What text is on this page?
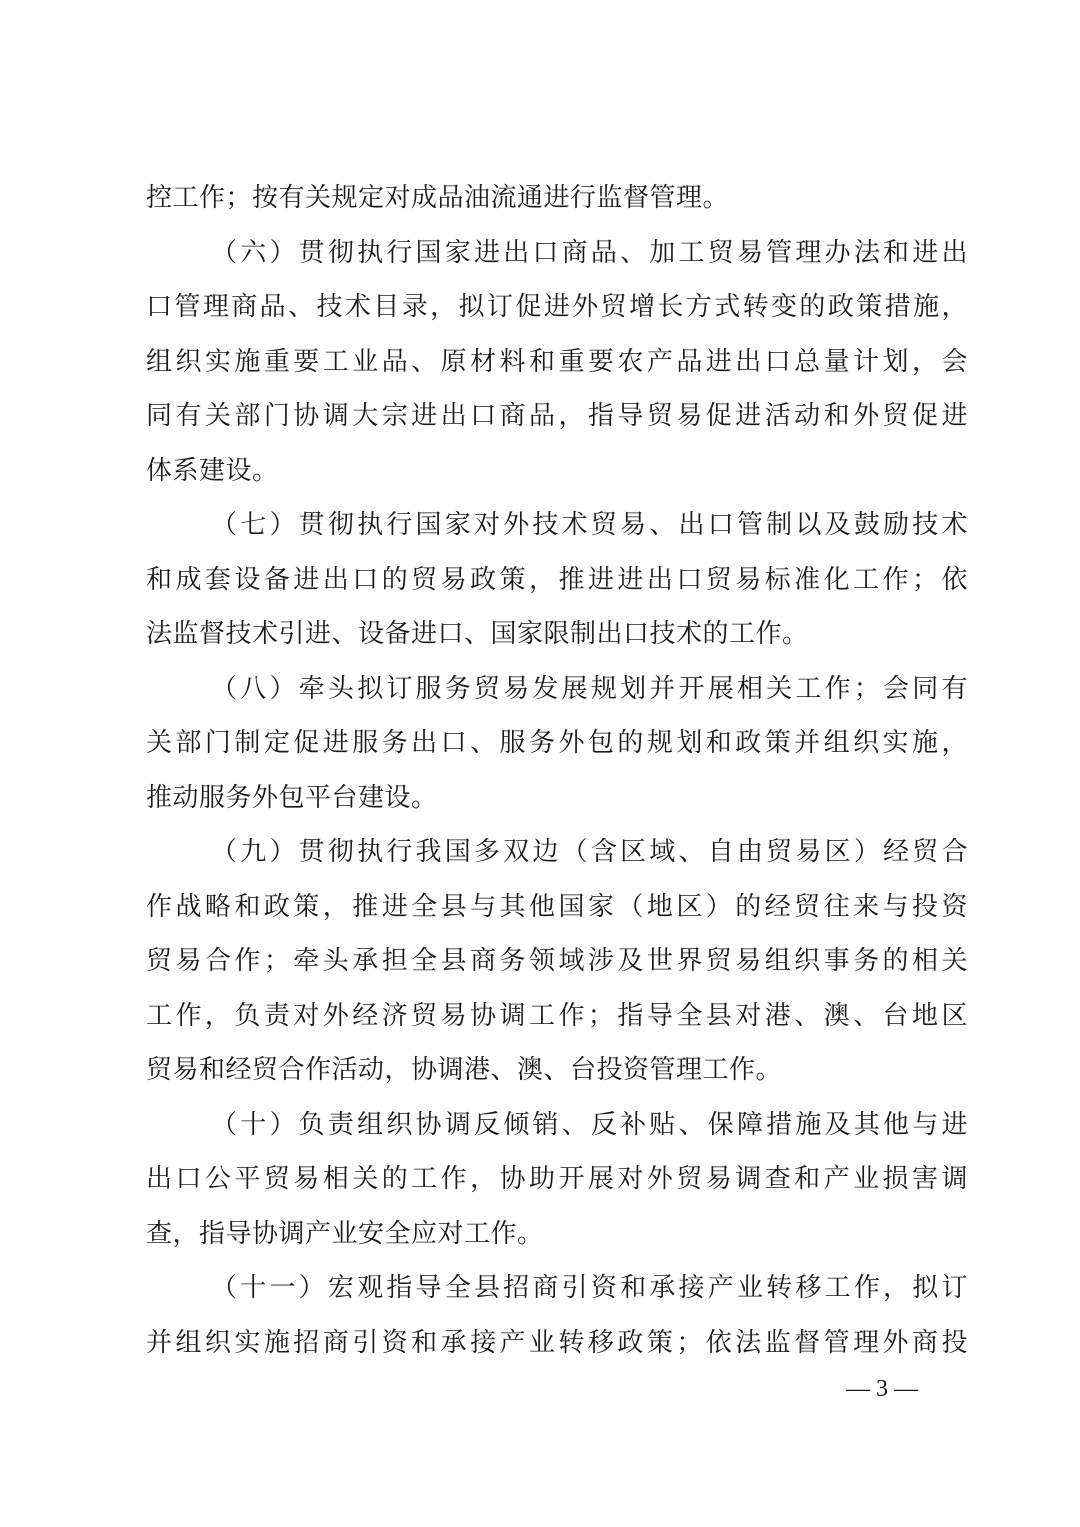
控工作；按有关规定对成品油流通进行监督管理。
（六）贯彻执行国家进出口商品、加工贸易管理办法和进出
口管理商品、技术目录，拟订促进外贸增长方式转变的政策措施，
组织实施重要工业品、原材料和重要农产品进出口总量计划，会
同有关部门协调大宗进出口商品，指导贸易促进活动和外贸促进
体系建设。
（七）贯彻执行国家对外技术贸易、出口管制以及鼓励技术
和成套设备进出口的贸易政策，推进进出口贸易标准化工作；依
法监督技术引进、设备进口、国家限制出口技术的工作。
（八）牵头拟订服务贸易发展规划并开展相关工作；会同有
关部门制定促进服务出口、服务外包的规划和政策并组织实施，
推动服务外包平台建设。
（九）贯彻执行我国多双边（含区域、自由贸易区）经贸合
作战略和政策，推进全县与其他国家（地区）的经贸往来与投资
贸易合作；牵头承担全县商务领域涉及世界贸易组织事务的相关
工作，负责对外经济贸易协调工作；指导全县对港、澳、台地区
贸易和经贸合作活动，协调港、澳、台投资管理工作。
（十）负责组织协调反倾销、反补贴、保障措施及其他与进
出口公平贸易相关的工作，协助开展对外贸易调查和产业损害调
查，指导协调产业安全应对工作。
（十一）宏观指导全县招商引资和承接产业转移工作，拟订
并组织实施招商引资和承接产业转移政策；依法监督管理外商投
— 3 —
